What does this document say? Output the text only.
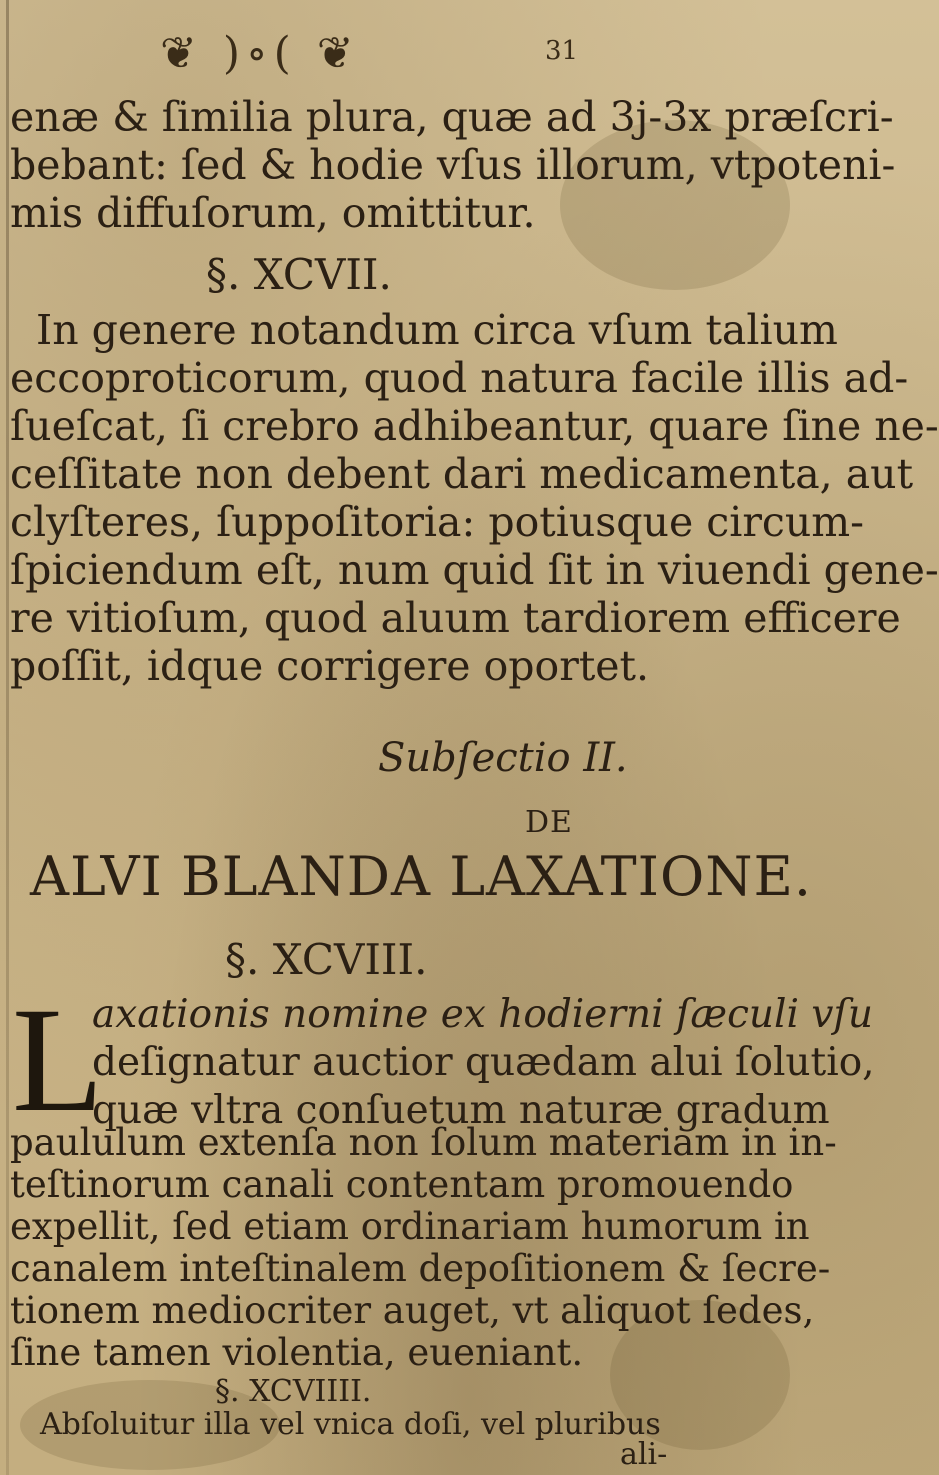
❦ )∘( ❦	31
enæ & ſimilia plura, quæ ad 3j-3x præſcri-
bebant: ſed & hodie vſus illorum, vtpoteni-
mis diffuſorum, omittitur.
§. XCVII.
In genere notandum circa vſum talium
eccoproticorum, quod natura facile illis ad-
ſueſcat, ſi crebro adhibeantur, quare ſine ne-
ceſſitate non debent dari medicamenta, aut
clyſteres, ſuppoſitoria: potiusque circum-
ſpiciendum eſt, num quid ſit in viuendi gene-
re vitioſum, quod aluum tardiorem efficere
poſſit, idque corrigere oportet.
Subſectio II.
DE
ALVI BLANDA LAXATIONE.
§. XCVIII.
L
axationis nomine ex hodierni ſæculi vſu
deſignatur auctior quædam alui ſolutio,
quæ vltra conſuetum naturæ gradum
paululum extenſa non ſolum materiam in in-
teſtinorum canali contentam promouendo
expellit, ſed etiam ordinariam humorum in
canalem inteſtinalem depoſitionem & ſecre-
tionem mediocriter auget, vt aliquot ſedes,
ſine tamen violentia, eueniant.
§. XCVIIII.
Abſoluitur illa vel vnica doſi, vel pluribus
ali-
